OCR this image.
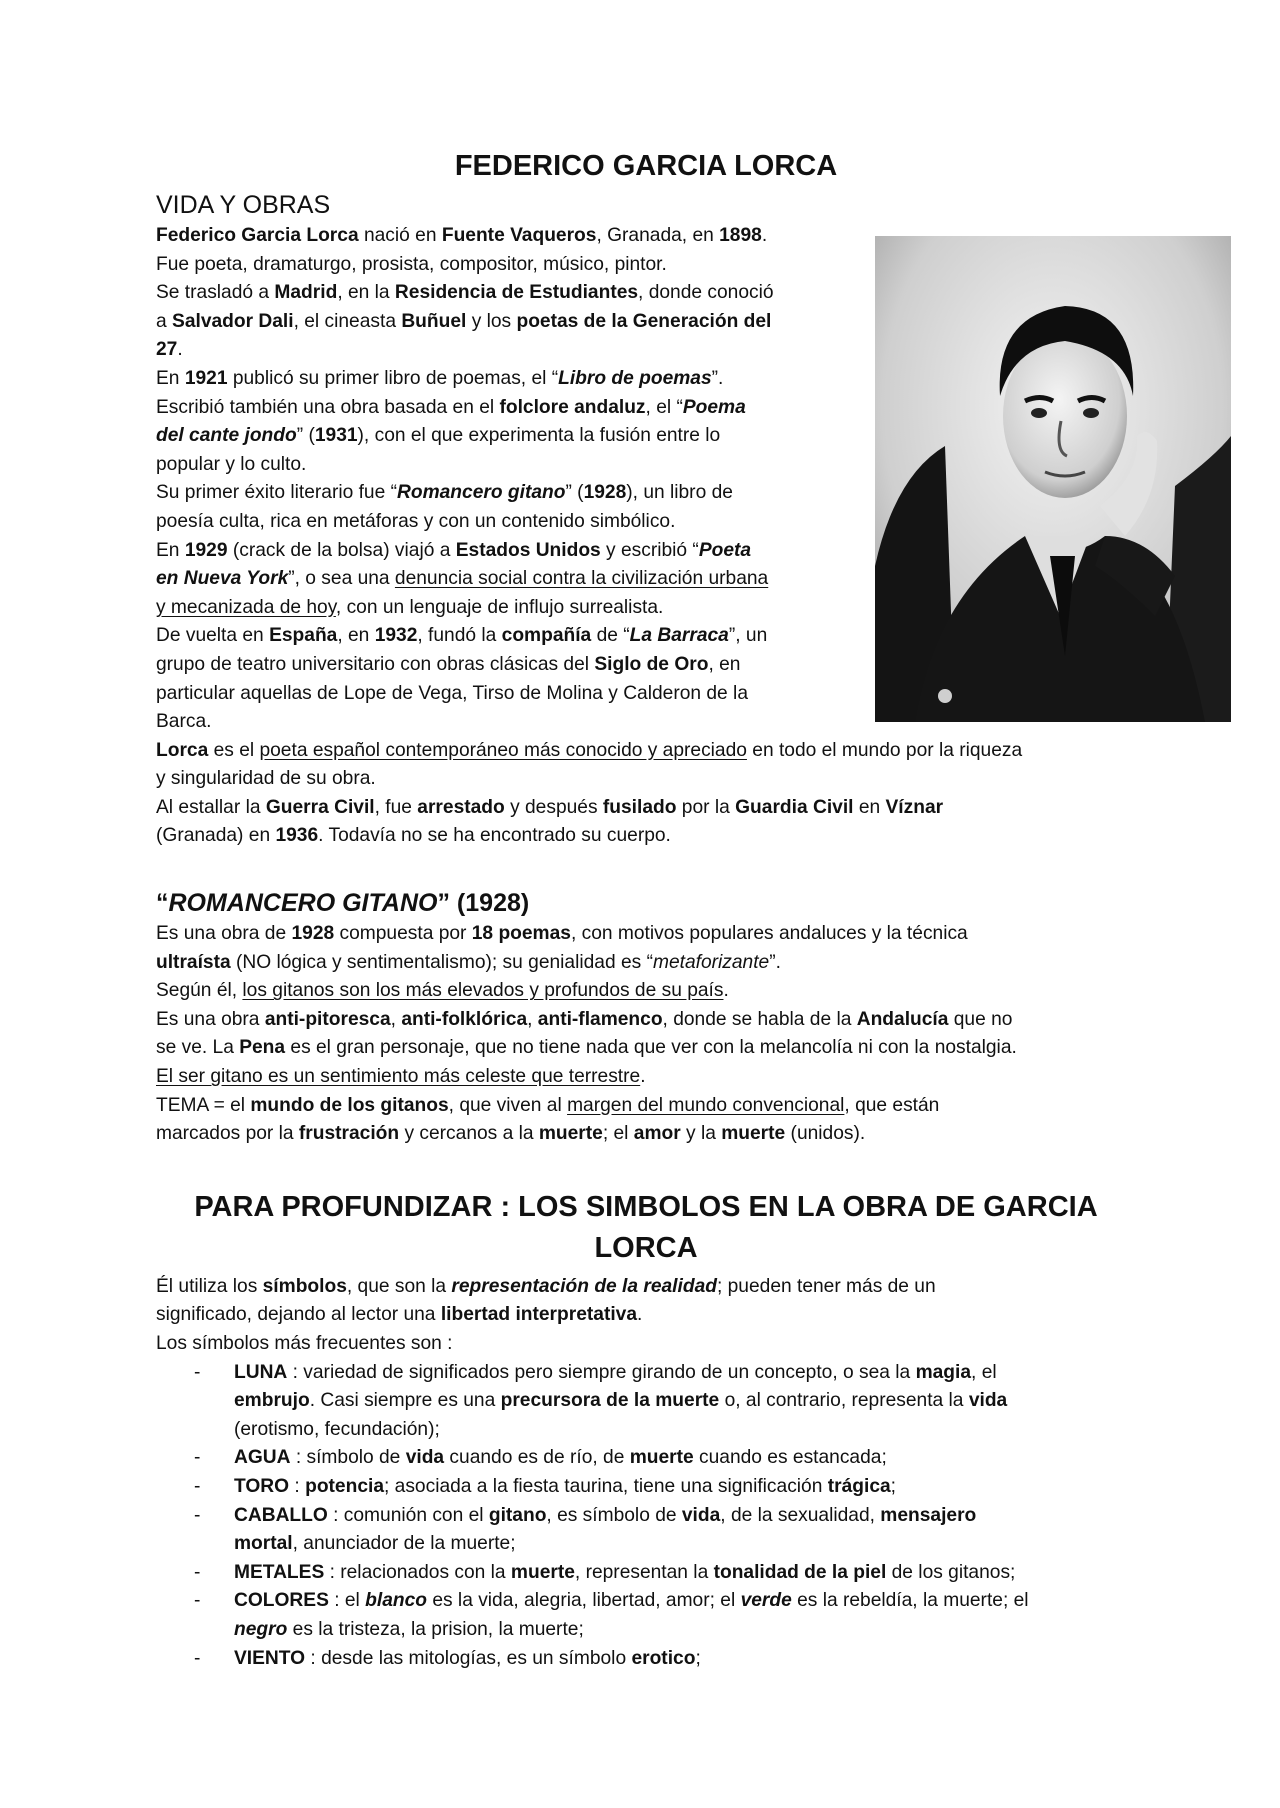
FEDERICO GARCIA LORCA
VIDA Y OBRAS

Federico Garcia Lorca nació en Fuente Vaqueros, Granada, en 1898.

Fue poeta, dramaturgo, prosista, compositor, músico, pintor.

Se trasladó a Madrid, en la Residencia de Estudiantes, donde conoció

a Salvador Dali, el cineasta Buñuel y los poetas de la Generación del

27.

En 1921 publicó su primer libro de poemas, el “Libro de poemas”.

Escribió también una obra basada en el folclore andaluz, el “Poema

del cante jondo” (1931), con el que experimenta la fusión entre lo

popular y lo culto.

Su primer éxito literario fue “Romancero gitano” (1928), un libro de

poesía culta, rica en metáforas y con un contenido simbólico.

En 1929 (crack de la bolsa) viajó a Estados Unidos y escribió “Poeta

en Nueva York”, o sea una denuncia social contra la civilización urbana

y mecanizada de hoy, con un lenguaje de influjo surrealista.

De vuelta en España, en 1932, fundó la compañía de “La Barraca”, un

grupo de teatro universitario con obras clásicas del Siglo de Oro, en

particular aquellas de Lope de Vega, Tirso de Molina y Calderon de la

Barca.

Lorca es el poeta español contemporáneo más conocido y apreciado en todo el mundo por la riqueza

y singularidad de su obra.

Al estallar la Guerra Civil, fue arrestado y después fusilado por la Guardia Civil en Víznar

(Granada) en 1936. Todavía no se ha encontrado su cuerpo.

“ROMANCERO GITANO” (1928)

Es una obra de 1928 compuesta por 18 poemas, con motivos populares andaluces y la técnica

ultraísta (NO lógica y sentimentalismo); su genialidad es “metaforizante”.

Según él, los gitanos son los más elevados y profundos de su país.

Es una obra anti-pitoresca, anti-folklórica, anti-flamenco, donde se habla de la Andalucía que no

se ve. La Pena es el gran personaje, que no tiene nada que ver con la melancolía ni con la nostalgia.

El ser gitano es un sentimiento más celeste que terrestre.

TEMA = el mundo de los gitanos, que viven al margen del mundo convencional, que están

marcados por la frustración y cercanos a la muerte; el amor y la muerte (unidos).

PARA PROFUNDIZAR : LOS SIMBOLOS EN LA OBRA DE GARCIA
LORCA

Él utiliza los símbolos, que son la representación de la realidad; pueden tener más de un

significado, dejando al lector una libertad interpretativa.

Los símbolos más frecuentes son :

- LUNA : variedad de significados pero siempre girando de un concepto, o sea la magia, el
embrujo. Casi siempre es una precursora de la muerte o, al contrario, representa la vida
(erotismo, fecundación);
- AGUA : símbolo de vida cuando es de río, de muerte cuando es estancada;
- TORO : potencia; asociada a la fiesta taurina, tiene una significación trágica;
- CABALLO : comunión con el gitano, es símbolo de vida, de la sexualidad, mensajero
mortal, anunciador de la muerte;
- METALES : relacionados con la muerte, representan la tonalidad de la piel de los gitanos;
- COLORES : el blanco es la vida, alegria, libertad, amor; el verde es la rebeldía, la muerte; el
negro es la tristeza, la prision, la muerte;
- VIENTO : desde las mitologías, es un símbolo erotico;
